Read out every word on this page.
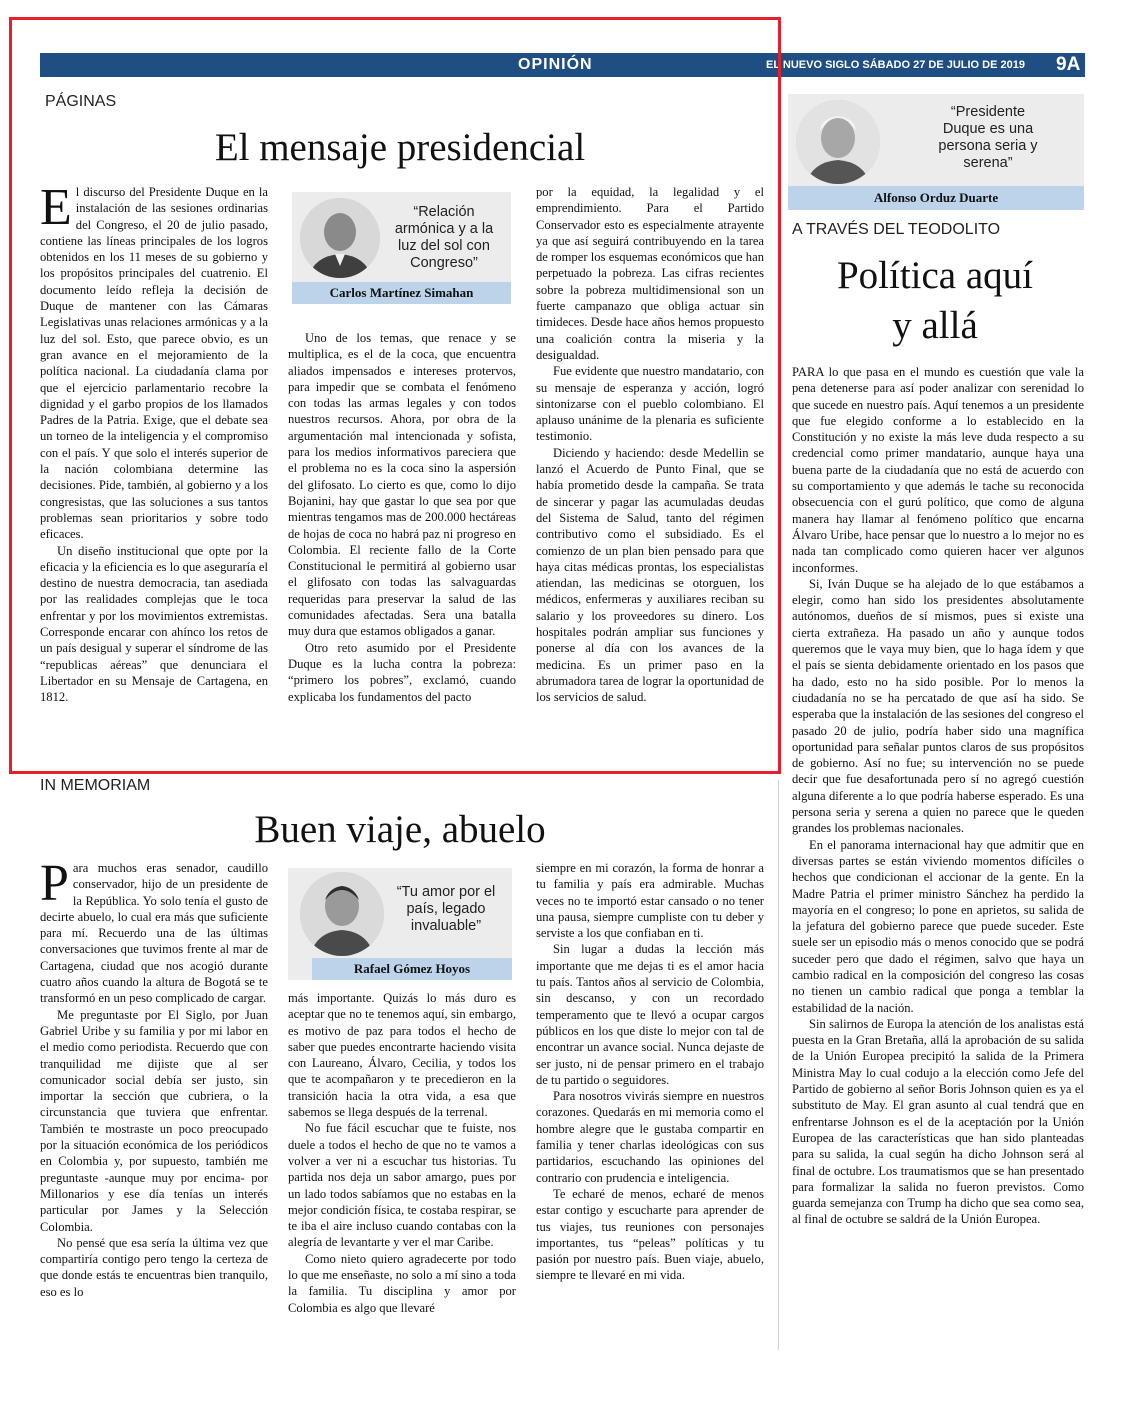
OPINIÓN	EL NUEVO SIGLO SÁBADO 27 DE JULIO DE 2019 9A
PÁGINAS
El mensaje presidencial
E l discurso del Presidente Duque en la instalación de las sesiones ordinarias del Congreso, el 20 de julio pasado, contiene las líneas principales de los logros obtenidos en los 11 meses de su gobierno y los propósitos principales del cuatrenio. El documento leído refleja la decisión de Duque de mantener con las Cámaras Legislativas unas relaciones armónicas y a la luz del sol. Esto, que parece obvio, es un gran avance en el mejoramiento de la política nacional. La ciudadanía clama por que el ejercicio parlamentario recobre la dignidad y el garbo propios de los llamados Padres de la Patria. Exige, que el debate sea un torneo de la inteligencia y el compromiso con el país. Y que solo el interés superior de la nación colombiana determine las decisiones. Pide, también, al gobierno y a los congresistas, que las soluciones a sus tantos problemas sean prioritarios y sobre todo eficaces.

Un diseño institucional que opte por la eficacia y la eficiencia es lo que aseguraría el destino de nuestra democracia, tan asediada por las realidades complejas que le toca enfrentar y por los movimientos extremistas. Corresponde encarar con ahínco los retos de un país desigual y superar el síndrome de las “republicas aéreas” que denunciara el Libertador en su Mensaje de Cartagena, en 1812.

“Relación armónica y a la luz del sol con Congreso”
Carlos Martínez Simahan

Uno de los temas, que renace y se multiplica, es el de la coca, que encuentra aliados impensados e intereses protervos, para impedir que se combata el fenómeno con todas las armas legales y con todos nuestros recursos. Ahora, por obra de la argumentación mal intencionada y sofista, para los medios informativos pareciera que el problema no es la coca sino la aspersión del glifosato. Lo cierto es que, como lo dijo Bojanini, hay que gastar lo que sea por que mientras tengamos mas de 200.000 hectáreas de hojas de coca no habrá paz ni progreso en Colombia. El reciente fallo de la Corte Constitucional le permitirá al gobierno usar el glifosato con todas las salvaguardas requeridas para preservar la salud de las comunidades afectadas. Sera una batalla muy dura que estamos obligados a ganar.

Otro reto asumido por el Presidente Duque es la lucha contra la pobreza: “primero los pobres”, exclamó, cuando explicaba los fundamentos del pacto

por la equidad, la legalidad y el emprendimiento. Para el Partido Conservador esto es especialmente atrayente ya que así seguirá contribuyendo en la tarea de romper los esquemas económicos que han perpetuado la pobreza. Las cifras recientes sobre la pobreza multidimensional son un fuerte campanazo que obliga actuar sin timideces. Desde hace años hemos propuesto una coalición contra la miseria y la desigualdad.

Fue evidente que nuestro mandatario, con su mensaje de esperanza y acción, logró sintonizarse con el pueblo colombiano. El aplauso unánime de la plenaria es suficiente testimonio.

Diciendo y haciendo: desde Medellin se lanzó el Acuerdo de Punto Final, que se había prometido desde la campaña. Se trata de sincerar y pagar las acumuladas deudas del Sistema de Salud, tanto del régimen contributivo como el subsidiado. Es el comienzo de un plan bien pensado para que haya citas médicas prontas, los especialistas atiendan, las medicinas se otorguen, los médicos, enfermeras y auxiliares reciban su salario y los proveedores su dinero. Los hospitales podrán ampliar sus funciones y ponerse al día con los avances de la medicina. Es un primer paso en la abrumadora tarea de lograr la oportunidad de los servicios de salud.

IN MEMORIAM
Buen viaje, abuelo
P ara muchos eras senador, caudillo conservador, hijo de un presidente de la República. Yo solo tenía el gusto de decirte abuelo, lo cual era más que suficiente para mí. Recuerdo una de las últimas conversaciones que tuvimos frente al mar de Cartagena, ciudad que nos acogió durante cuatro años cuando la altura de Bogotá se te transformó en un peso complicado de cargar.

Me preguntaste por El Siglo, por Juan Gabriel Uribe y su familia y por mi labor en el medio como periodista. Recuerdo que con tranquilidad me dijiste que al ser comunicador social debía ser justo, sin importar la sección que cubriera, o la circunstancia que tuviera que enfrentar. También te mostraste un poco preocupado por la situación económica de los periódicos en Colombia y, por supuesto, también me preguntaste -aunque muy por encima- por Millonarios y ese día tenías un interés particular por James y la Selección Colombia.

No pensé que esa sería la última vez que compartiría contigo pero tengo la certeza de que donde estás te encuentras bien tranquilo, eso es lo

“Tu amor por el país, legado invaluable”
Rafael Gómez Hoyos

más importante. Quizás lo más duro es aceptar que no te tenemos aquí, sin embargo, es motivo de paz para todos el hecho de saber que puedes encontrarte haciendo visita con Laureano, Álvaro, Cecilia, y todos los que te acompañaron y te precedieron en la transición hacia la otra vida, a esa que sabemos se llega después de la terrenal.

No fue fácil escuchar que te fuiste, nos duele a todos el hecho de que no te vamos a volver a ver ni a escuchar tus historias. Tu partida nos deja un sabor amargo, pues por un lado todos sabíamos que no estabas en la mejor condición física, te costaba respirar, se te iba el aire incluso cuando contabas con la alegría de levantarte y ver el mar Caribe.

Como nieto quiero agradecerte por todo lo que me enseñaste, no solo a mí sino a toda la familia. Tu disciplina y amor por Colombia es algo que llevaré

siempre en mi corazón, la forma de honrar a tu familia y país era admirable. Muchas veces no te importó estar cansado o no tener una pausa, siempre cumpliste con tu deber y serviste a los que confiaban en ti.

Sin lugar a dudas la lección más importante que me dejas ti es el amor hacia tu país. Tantos años al servicio de Colombia, sin descanso, y con un recordado temperamento que te llevó a ocupar cargos públicos en los que diste lo mejor con tal de encontrar un avance social. Nunca dejaste de ser justo, ni de pensar primero en el trabajo de tu partido o seguidores.

Para nosotros vivirás siempre en nuestros corazones. Quedarás en mi memoria como el hombre alegre que le gustaba compartir en familia y tener charlas ideológicas con sus partidarios, escuchando las opiniones del contrario con prudencia e inteligencia.

Te echaré de menos, echaré de menos estar contigo y escucharte para aprender de tus viajes, tus reuniones con personajes importantes, tus “peleas” políticas y tu pasión por nuestro país. Buen viaje, abuelo, siempre te llevaré en mi vida.

“Presidente Duque es una persona seria y serena”
Alfonso Orduz Duarte
A TRAVÉS DEL TEODOLITO
Política aquí
y allá

PARA lo que pasa en el mundo es cuestión que vale la pena detenerse para así poder analizar con serenidad lo que sucede en nuestro país. Aquí tenemos a un presidente que fue elegido conforme a lo establecido en la Constitución y no existe la más leve duda respecto a su credencial como primer mandatario, aunque haya una buena parte de la ciudadanía que no está de acuerdo con su comportamiento y que además le tache su reconocida obsecuencia con el gurú político, que como de alguna manera hay llamar al fenómeno político que encarna Álvaro Uribe, hace pensar que lo nuestro a lo mejor no es nada tan complicado como quieren hacer ver algunos inconformes.

Si, Iván Duque se ha alejado de lo que estábamos a elegir, como han sido los presidentes absolutamente autónomos, dueños de sí mismos, pues si existe una cierta extrañeza. Ha pasado un año y aunque todos queremos que le vaya muy bien, que lo haga ídem y que el país se sienta debidamente orientado en los pasos que ha dado, esto no ha sido posible. Por lo menos la ciudadanía no se ha percatado de que así ha sido. Se esperaba que la instalación de las sesiones del congreso el pasado 20 de julio, podría haber sido una magnífica oportunidad para señalar puntos claros de sus propósitos de gobierno. Así no fue; su intervención no se puede decir que fue desafortunada pero sí no agregó cuestión alguna diferente a lo que podría haberse esperado. Es una persona seria y serena a quien no parece que le queden grandes los problemas nacionales.

En el panorama internacional hay que admitir que en diversas partes se están viviendo momentos difíciles o hechos que condicionan el accionar de la gente. En la Madre Patria el primer ministro Sánchez ha perdido la mayoría en el congreso; lo pone en aprietos, su salida de la jefatura del gobierno parece que puede suceder. Este suele ser un episodio más o menos conocido que se podrá suceder pero que dado el régimen, salvo que haya un cambio radical en la composición del congreso las cosas no tienen un cambio radical que ponga a temblar la estabilidad de la nación.

Sin salirnos de Europa la atención de los analistas está puesta en la Gran Bretaña, allá la aprobación de su salida de la Unión Europea precipitó la salida de la Primera Ministra May lo cual codujo a la elección como Jefe del Partido de gobierno al señor Boris Johnson quien es ya el substituto de May. El gran asunto al cual tendrá que en enfrentarse Johnson es el de la aceptación por la Unión Europea de las características que han sido planteadas para su salida, la cual según ha dicho Johnson será al final de octubre. Los traumatismos que se han presentado para formalizar la salida no fueron previstos. Como guarda semejanza con Trump ha dicho que sea como sea, al final de octubre se saldrá de la Unión Europea.
